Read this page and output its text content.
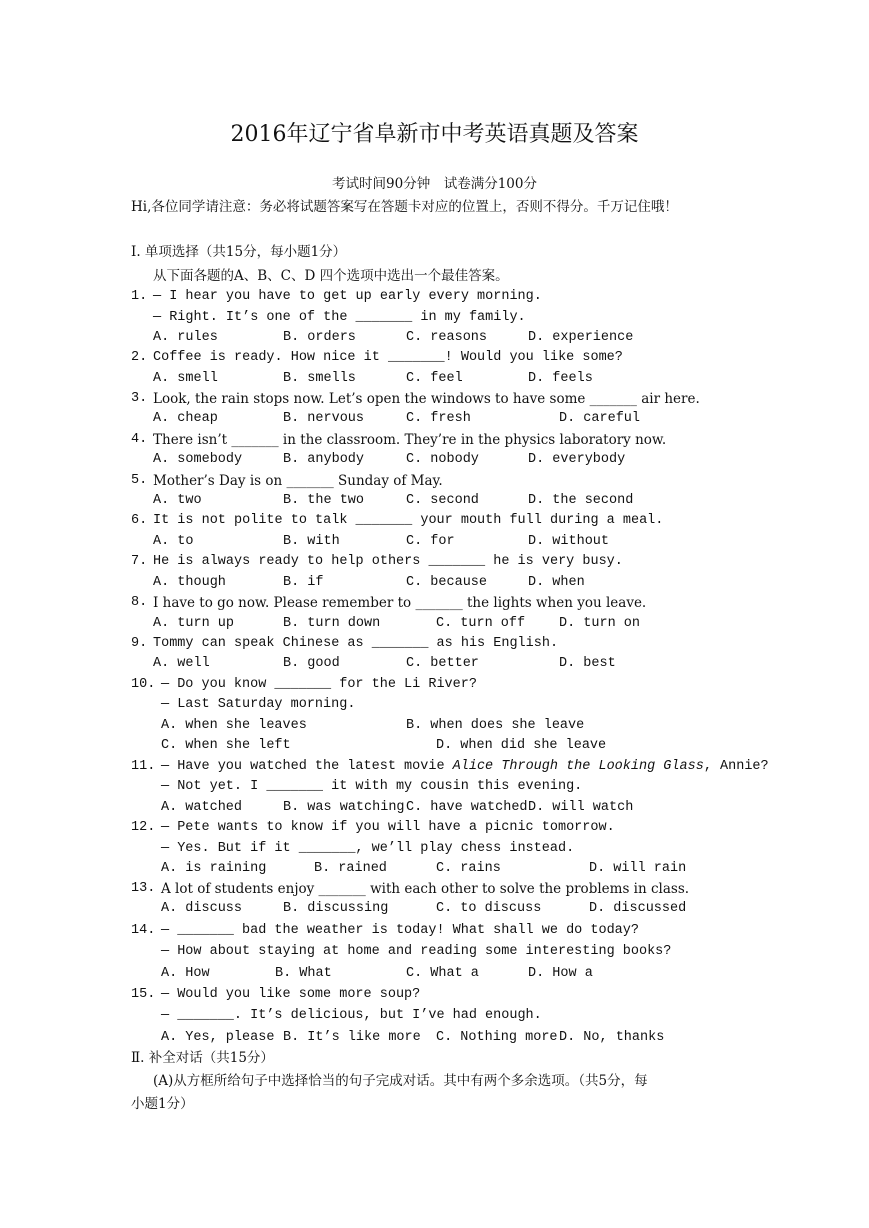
2016年辽宁省阜新市中考英语真题及答案
考试时间90分钟　试卷满分100分
Hi,各位同学请注意：务必将试题答案写在答题卡对应的位置上，否则不得分。千万记住哦！
Ⅰ. 单项选择（共15分，每小题1分）
从下面各题的A、B、C、D 四个选项中选出一个最佳答案。
1. — I hear you have to get up early every morning.
— Right. It’s one of the _______ in my family.
A. rules	B. orders	C. reasons	D. experience
2. Coffee is ready. How nice it _______! Would you like some?
A. smell	B. smells	C. feel	D. feels
3. Look, the rain stops now. Let’s open the windows to have some _______ air here.
A. cheap	B. nervous	C. fresh	D. careful
4. There isn’t _______ in the classroom. They’re in the physics laboratory now.
A. somebody	B. anybody	C. nobody	D. everybody
5. Mother’s Day is on _______ Sunday of May.
A. two	B. the two	C. second	D. the second
6. It is not polite to talk _______ your mouth full during a meal.
A. to	B. with	C. for	D. without
7. He is always ready to help others _______ he is very busy.
A. though	B. if	C. because	D. when
8. I have to go now. Please remember to _______ the lights when you leave.
A. turn up	B. turn down	C. turn off	D. turn on
9. Tommy can speak Chinese as _______ as his English.
A. well	B. good	C. better	D. best
10. — Do you know _______ for the Li River?
— Last Saturday morning.
A. when she leaves	B. when does she leave
C. when she left	D. when did she leave
11. — Have you watched the latest movie Alice Through the Looking Glass, Annie?
— Not yet. I _______ it with my cousin this evening.
A. watched	B. was watching C. have watched D. will watch
12. — Pete wants to know if you will have a picnic tomorrow.
— Yes. But if it _______, we’ll play chess instead.
A. is raining	B. rained	C. rains	D. will rain
13. A lot of students enjoy _______ with each other to solve the problems in class.
A. discuss	B. discussing	C. to discuss	D. discussed
14. — _______ bad the weather is today! What shall we do today?
— How about staying at home and reading some interesting books?
A. How	B. What	C. What a	D. How a
15. — Would you like some more soup?
— _______. It’s delicious, but I’ve had enough.
A. Yes, please B. It’s like more C. Nothing more D. No, thanks
Ⅱ. 补全对话（共15分）
(A)从方框所给句子中选择恰当的句子完成对话。其中有两个多余选项。（共5分，每
小题1分）
